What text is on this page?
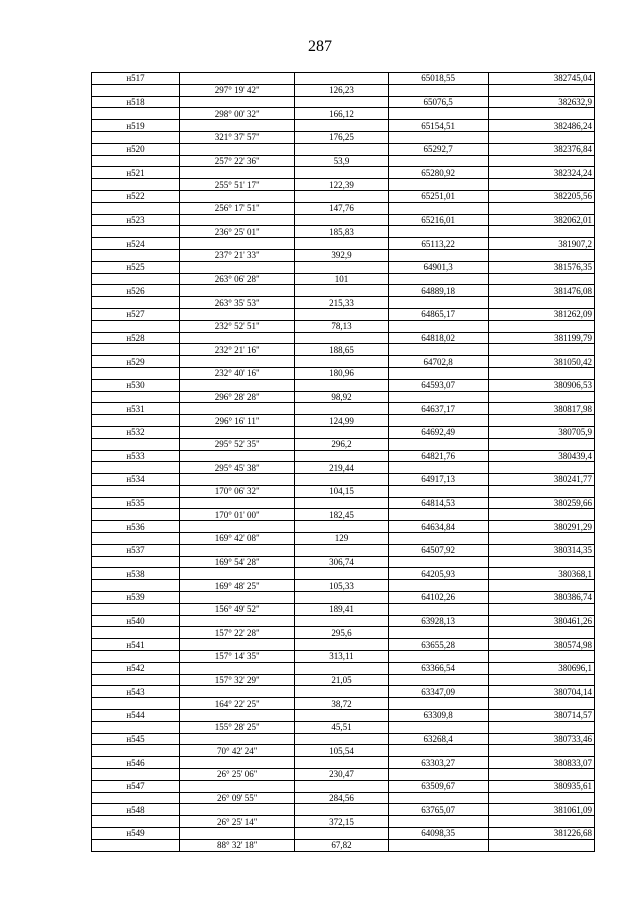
287
н517			65018,55	382745,04
	297° 19' 42"	126,23		
н518			65076,5	382632,9
	298° 00' 32"	166,12		
н519			65154,51	382486,24
	321° 37' 57"	176,25		
н520			65292,7	382376,84
	257° 22' 36"	53,9		
н521			65280,92	382324,24
	255° 51' 17"	122,39		
н522			65251,01	382205,56
	256° 17' 51"	147,76		
н523			65216,01	382062,01
	236° 25' 01"	185,83		
н524			65113,22	381907,2
	237° 21' 33"	392,9		
н525			64901,3	381576,35
	263° 06' 28"	101		
н526			64889,18	381476,08
	263° 35' 53"	215,33		
н527			64865,17	381262,09
	232° 52' 51"	78,13		
н528			64818,02	381199,79
	232° 21' 16"	188,65		
н529			64702,8	381050,42
	232° 40' 16"	180,96		
н530			64593,07	380906,53
	296° 28' 28"	98,92		
н531			64637,17	380817,98
	296° 16' 11"	124,99		
н532			64692,49	380705,9
	295° 52' 35"	296,2		
н533			64821,76	380439,4
	295° 45' 38"	219,44		
н534			64917,13	380241,77
	170° 06' 32"	104,15		
н535			64814,53	380259,66
	170° 01' 00"	182,45		
н536			64634,84	380291,29
	169° 42' 08"	129		
н537			64507,92	380314,35
	169° 54' 28"	306,74		
н538			64205,93	380368,1
	169° 48' 25"	105,33		
н539			64102,26	380386,74
	156° 49' 52"	189,41		
н540			63928,13	380461,26
	157° 22' 28"	295,6		
н541			63655,28	380574,98
	157° 14' 35"	313,11		
н542			63366,54	380696,1
	157° 32' 29"	21,05		
н543			63347,09	380704,14
	164° 22' 25"	38,72		
н544			63309,8	380714,57
	155° 28' 25"	45,51		
н545			63268,4	380733,46
	70° 42' 24"	105,54		
н546			63303,27	380833,07
	26° 25' 06"	230,47		
н547			63509,67	380935,61
	26° 09' 55"	284,56		
н548			63765,07	381061,09
	26° 25' 14"	372,15		
н549			64098,35	381226,68
	88° 32' 18"	67,82		
